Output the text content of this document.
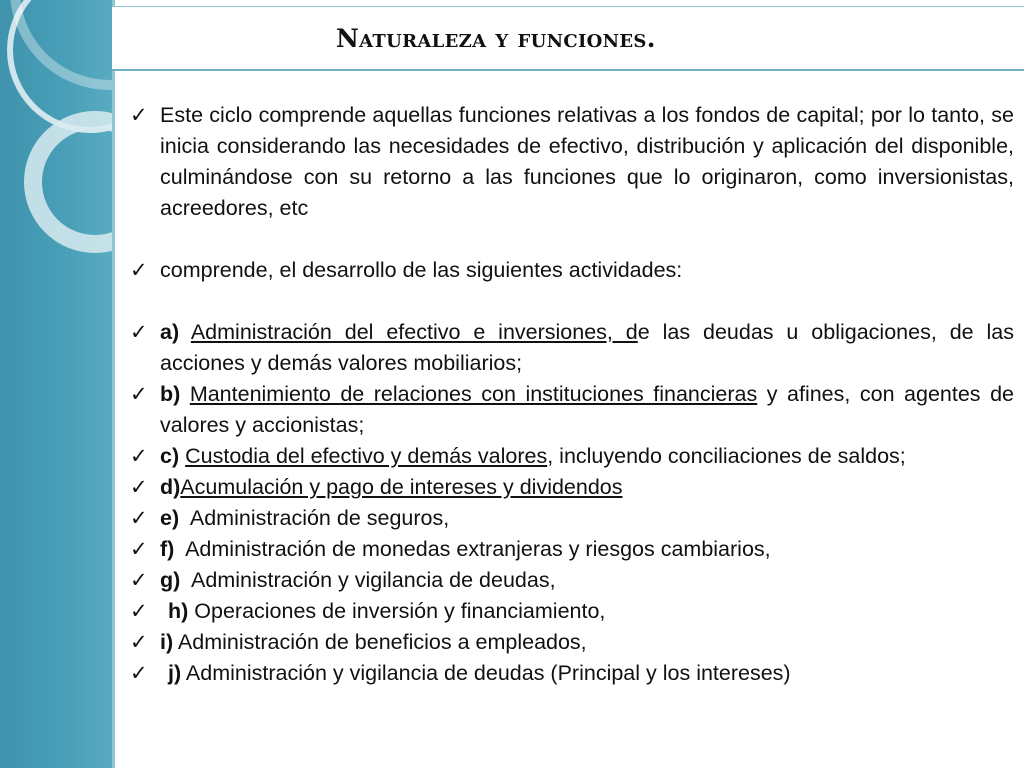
Naturaleza y funciones.
✓ Este ciclo comprende aquellas funciones relativas a los fondos de capital; por lo tanto, se inicia considerando las necesidades de efectivo, distribución y aplicación del disponible, culminándose con su retorno a las funciones que lo originaron, como inversionistas, acreedores, etc
✓ comprende, el desarrollo de las siguientes actividades:
✓ a) Administración del efectivo e inversiones, de las deudas u obligaciones, de las acciones y demás valores mobiliarios;
✓ b) Mantenimiento de relaciones con instituciones financieras y afines, con agentes de valores y accionistas;
✓ c) Custodia del efectivo y demás valores, incluyendo conciliaciones de saldos;
✓ d)Acumulación y pago de intereses y dividendos
✓ e)  Administración de seguros,
✓ f)  Administración de monedas extranjeras y riesgos cambiarios,
✓ g)  Administración y vigilancia de deudas,
✓ h) Operaciones de inversión y financiamiento,
✓ i) Administración de beneficios a empleados,
✓ j) Administración y vigilancia de deudas (Principal y los intereses)
